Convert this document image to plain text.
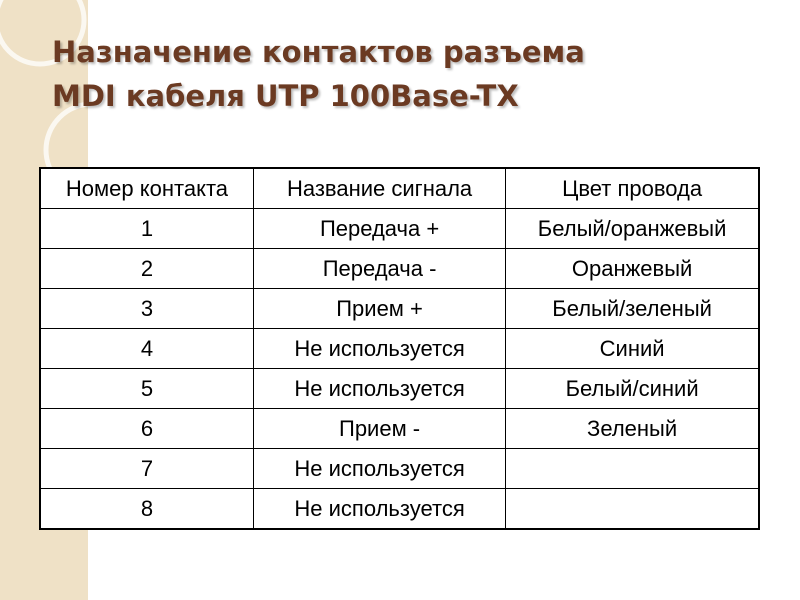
Назначение контактов разъема
MDI кабеля UTP 100Base-TX
Номер контакта	Название сигнала	Цвет провода
1	Передача +	Белый/оранжевый
2	Передача -	Оранжевый
3	Прием +	Белый/зеленый
4	Не используется	Синий
5	Не используется	Белый/синий
6	Прием -	Зеленый
7	Не используется	
8	Не используется	
